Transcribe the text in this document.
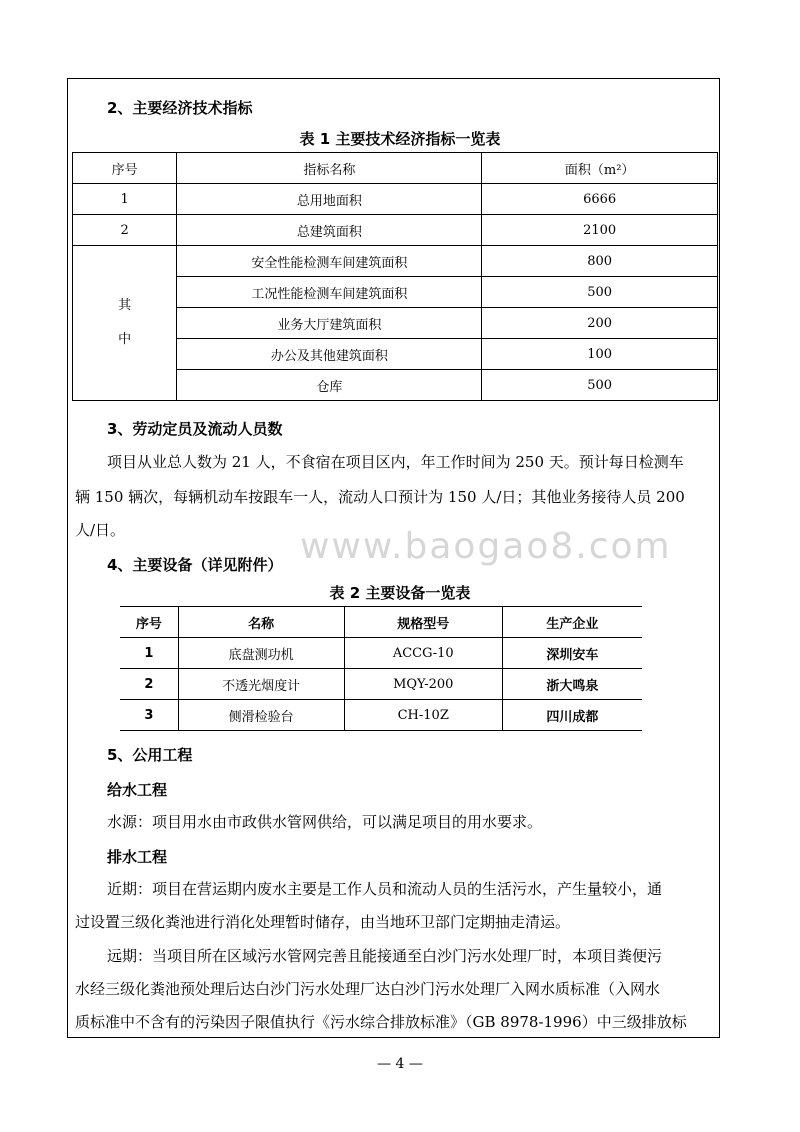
2、主要经济技术指标
表 1 主要技术经济指标一览表
序号	指标名称	面积（m²）
1	总用地面积	6666
2	总建筑面积	2100
其
中	安全性能检测车间建筑面积	800
	工况性能检测车间建筑面积	500
	业务大厅建筑面积	200
	办公及其他建筑面积	100
	仓库	500
3、劳动定员及流动人员数
项目从业总人数为 21 人，不食宿在项目区内，年工作时间为 250 天。预计每日检测车
辆 150 辆次，每辆机动车按跟车一人，流动人口预计为 150 人/日；其他业务接待人员 200
人/日。	www.baogao8.com
4、主要设备（详见附件）
表 2 主要设备一览表
序号	名称	规格型号	生产企业
1	底盘测功机	ACCG-10	深圳安车
2	不透光烟度计	MQY-200	浙大鸣泉
3	侧滑检验台	CH-10Z	四川成都
5、公用工程
给水工程
水源：项目用水由市政供水管网供给，可以满足项目的用水要求。
排水工程
近期：项目在营运期内废水主要是工作人员和流动人员的生活污水，产生量较小，通
过设置三级化粪池进行消化处理暂时储存，由当地环卫部门定期抽走清运。
远期：当项目所在区域污水管网完善且能接通至白沙门污水处理厂时，本项目粪便污
水经三级化粪池预处理后达白沙门污水处理厂达白沙门污水处理厂入网水质标准（入网水
质标准中不含有的污染因子限值执行《污水综合排放标准》（GB 8978-1996）中三级排放标
— 4 —
